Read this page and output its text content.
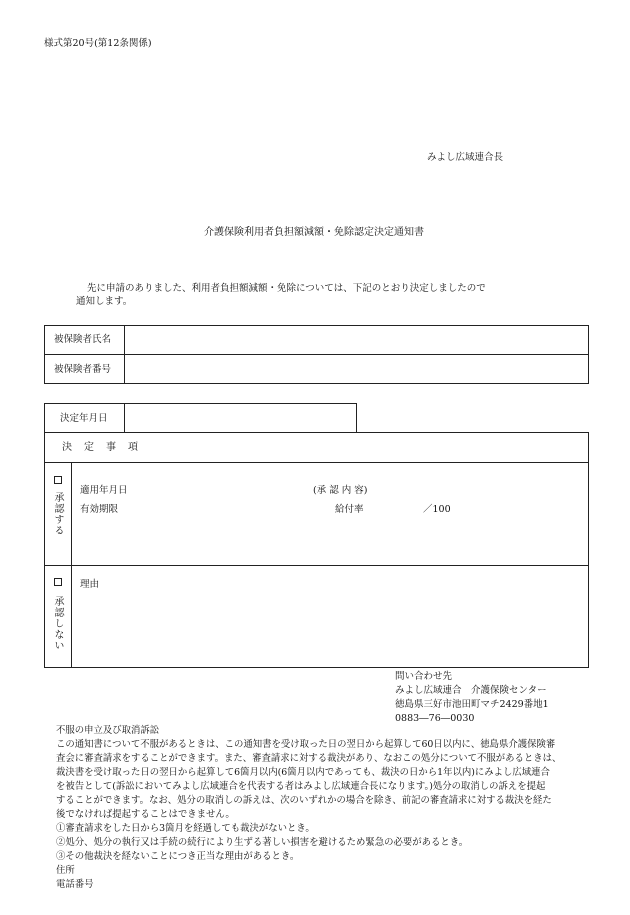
様式第20号(第12条関係)
みよし広域連合長
介護保険利用者負担額減額・免除認定決定通知書
先に申請のありました、利用者負担額減額・免除については、下記のとおり決定しましたので
通知します。
被保険者氏名
被保険者番号
決定年月日
決　定　事　項
承認する
適用年月日	(承 認 内 容)
有効期限	給付率	／100
承認しない
理由
問い合わせ先
みよし広域連合　介護保険センター
徳島県三好市池田町マチ2429番地1
0883―76―0030

不服の申立及び取消訴訟

この通知書について不服があるときは、この通知書を受け取った日の翌日から起算して60日以内に、徳島県介護保険審

査会に審査請求をすることができます。また、審査請求に対する裁決があり、なおこの処分について不服があるときは、

裁決書を受け取った日の翌日から起算して6箇月以内(6箇月以内であっても、裁決の日から1年以内)にみよし広域連合

を被告として(訴訟においてみよし広域連合を代表する者はみよし広域連合長になります。)処分の取消しの訴えを提起

することができます。なお、処分の取消しの訴えは、次のいずれかの場合を除き、前記の審査請求に対する裁決を経た

後でなければ提起することはできません。

①審査請求をした日から3箇月を経過しても裁決がないとき。

②処分、処分の執行又は手続の続行により生ずる著しい損害を避けるため緊急の必要があるとき。

③その他裁決を経ないことにつき正当な理由があるとき。

住所

電話番号
